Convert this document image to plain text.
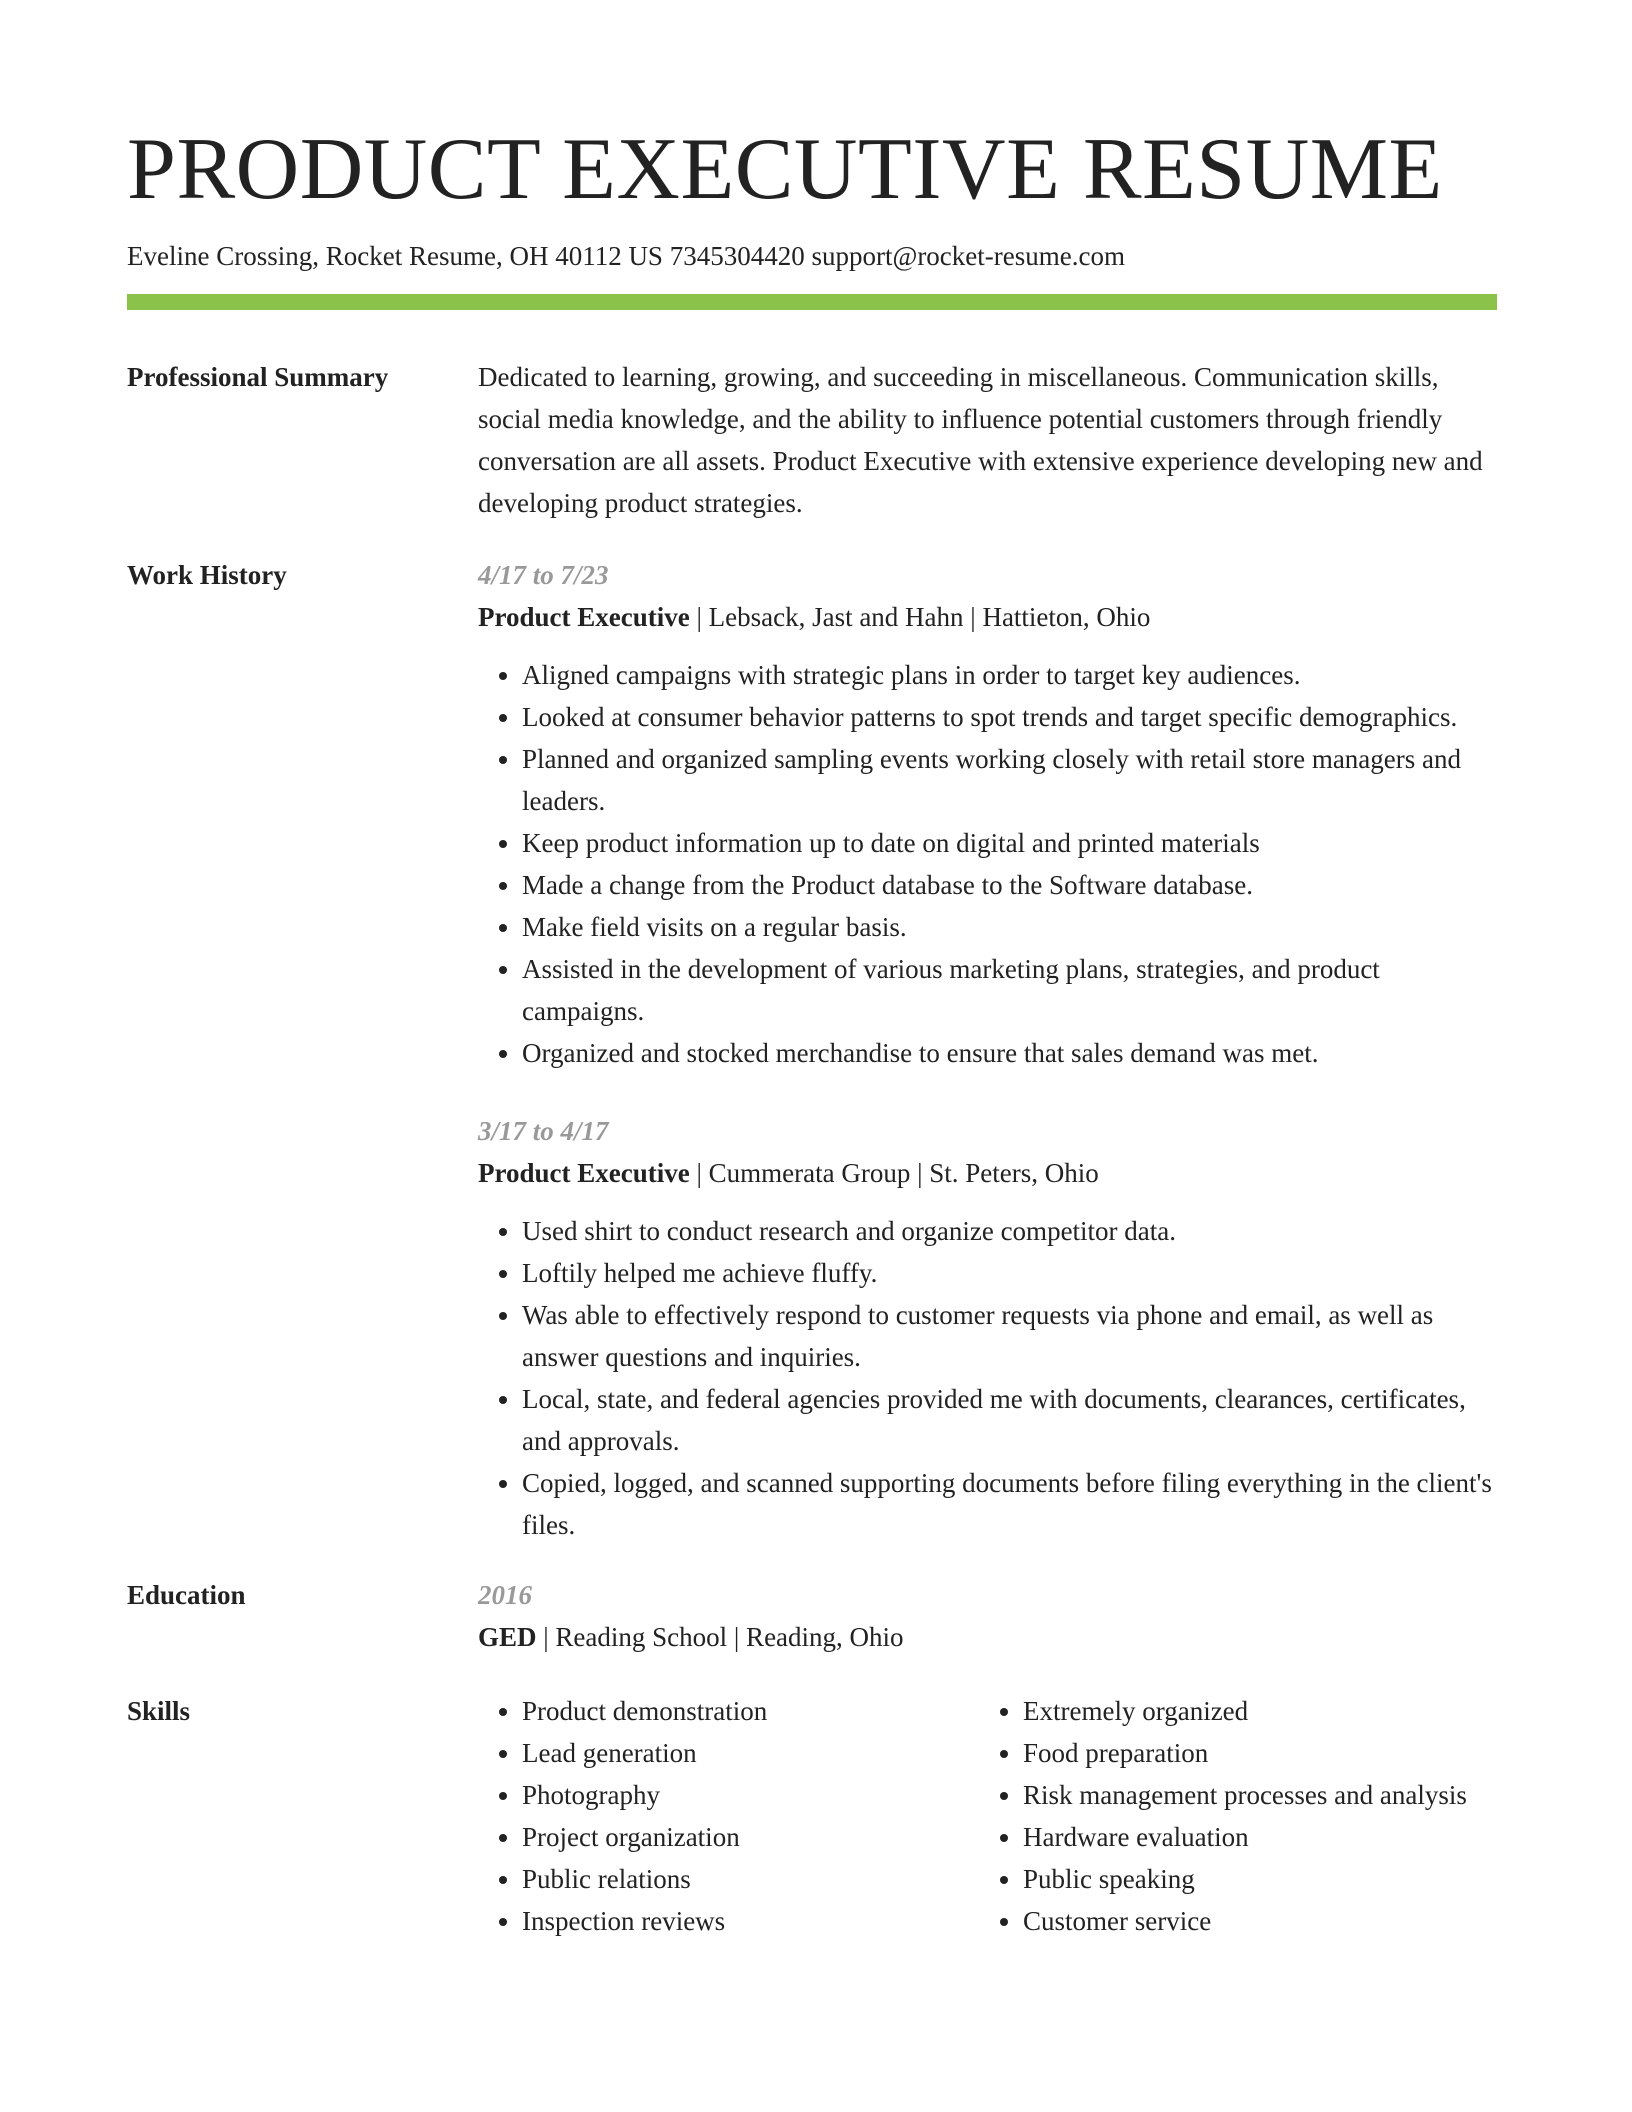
PRODUCT EXECUTIVE RESUME
Eveline Crossing, Rocket Resume, OH 40112 US 7345304420 support@rocket-resume.com
Professional Summary	Dedicated to learning, growing, and succeeding in miscellaneous. Communication skills, social media knowledge, and the ability to influence potential customers through friendly conversation are all assets. Product Executive with extensive experience developing new and developing product strategies.
Work History	4/17 to 7/23
Product Executive | Lebsack, Jast and Hahn | Hattieton, Ohio
• Aligned campaigns with strategic plans in order to target key audiences.
• Looked at consumer behavior patterns to spot trends and target specific demographics.
• Planned and organized sampling events working closely with retail store managers and leaders.
• Keep product information up to date on digital and printed materials
• Made a change from the Product database to the Software database.
• Make field visits on a regular basis.
• Assisted in the development of various marketing plans, strategies, and product campaigns.
• Organized and stocked merchandise to ensure that sales demand was met.
3/17 to 4/17
Product Executive | Cummerata Group | St. Peters, Ohio
• Used shirt to conduct research and organize competitor data.
• Loftily helped me achieve fluffy.
• Was able to effectively respond to customer requests via phone and email, as well as answer questions and inquiries.
• Local, state, and federal agencies provided me with documents, clearances, certificates, and approvals.
• Copied, logged, and scanned supporting documents before filing everything in the client's files.
Education	2016
GED | Reading School | Reading, Ohio
Skills
•	Product demonstration
• Lead generation
• Photography
• Project organization
• Public relations
• Inspection reviews
• Extremely organized
• Food preparation
• Risk management processes and analysis
• Hardware evaluation
• Public speaking
• Customer service
